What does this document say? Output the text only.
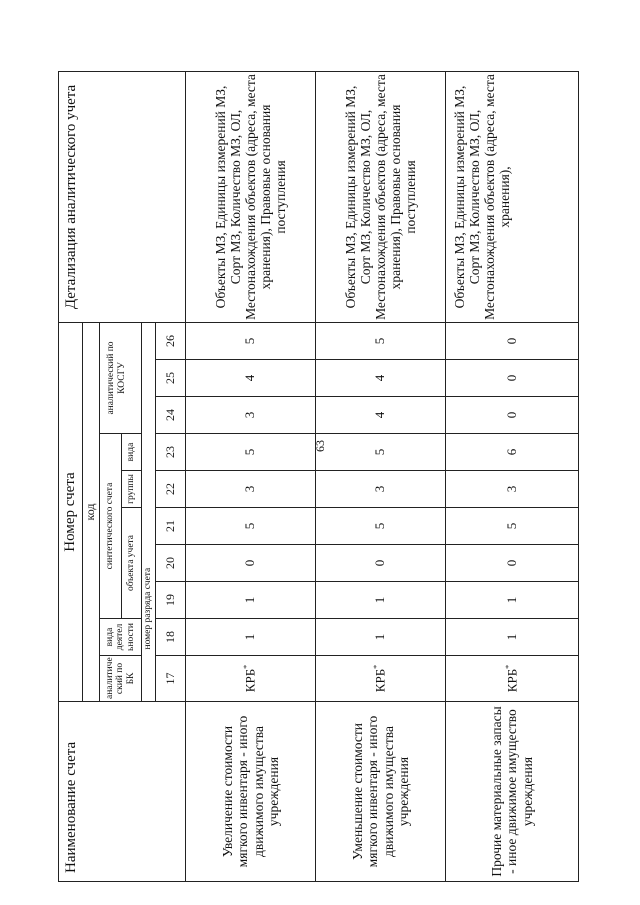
63
Наименование счета	Номер счета										Детализация аналитического учета
	код										
	аналитиче ский по БК	вида деятел ьности	синтетического счета					аналитический по КОСГУ			
			объекта учета			группы	вида				
		номер разряда счета									
	17	18	19	20	21	22	23	24	25	26	
Увеличение стоимости мягкого инвентаря - иного движимого имущества учреждения	КРБ*	1	1	0	5	3	5	3	4	5	Объекты МЗ, Единицы измерений МЗ, Сорт МЗ, Количество МЗ, ОЛ, Местонахождения объектов (адреса, места хранения), Правовые основания поступления
Уменьшение стоимости мягкого инвентаря - иного движимого имущества учреждения	КРБ*	1	1	0	5	3	5	4	4	5	Объекты МЗ, Единицы измерений МЗ, Сорт МЗ, Количество МЗ, ОЛ, Местонахождения объектов (адреса, места хранения), Правовые основания поступления
Прочие материальные запасы - иное движимое имущество учреждения	КРБ*	1	1	0	5	3	6	0	0	0	Объекты МЗ, Единицы измерений МЗ, Сорт МЗ, Количество МЗ, ОЛ, Местонахождения объектов (адреса, места хранения),
